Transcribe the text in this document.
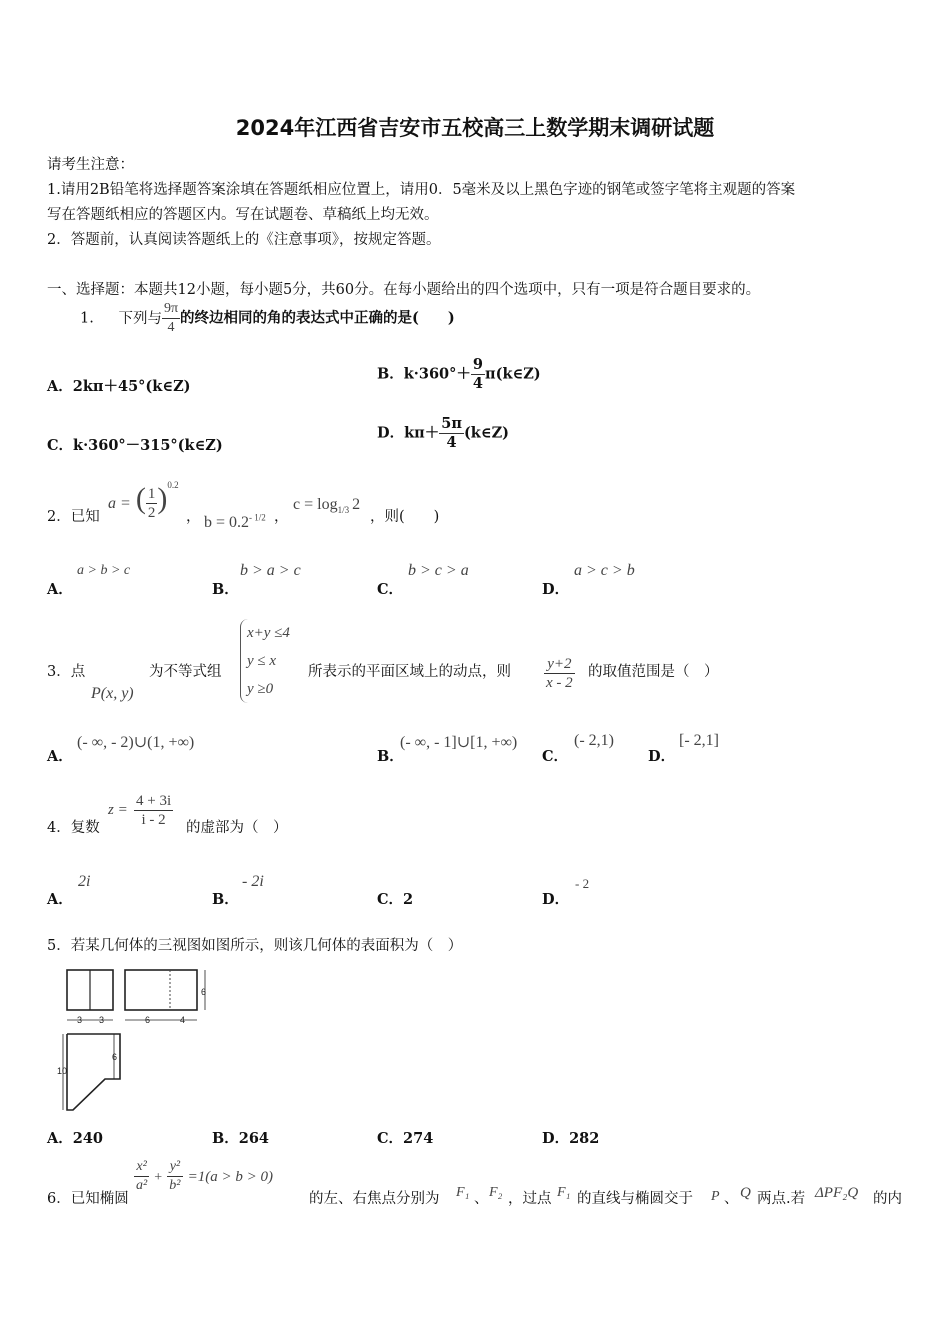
2024年江西省吉安市五校高三上数学期末调研试题
请考生注意：
1.请用2B铅笔将选择题答案涂填在答题纸相应位置上，请用0．5毫米及以上黑色字迹的钢笔或签字笔将主观题的答案
写在答题纸相应的答题区内。写在试题卷、草稿纸上均无效。
2．答题前，认真阅读答题纸上的《注意事项》，按规定答题。
一、选择题：本题共12小题，每小题5分，共60分。在每小题给出的四个选项中，只有一项是符合题目要求的。
1. 下列与 $\frac{9\pi}{4}$ 的终边相同的角的表达式中正确的是(　　)
A．2kπ＋45°(k∈Z)
B．$k\cdot 360^\circ+ \frac{9}{4}$ π(k∈Z)
C．k·360°－315°(k∈Z)
D．$k\pi+ \frac{5\pi}{4}$ (k∈Z)
2．已知
a = ( $\frac{1}{2} )^{0.2}$
， $b = 0.2^{- 1/2}$ ，
$c = \log_{1/3} 2$
，则(　　)
A．
a > b > c
B．
b > a > c
C．
b > c > a
D．
a > c > b
3．点
P(x, y)
为不等式组
x+y ≤4
y ≤ x
y ≥0
所表示的平面区域上的动点，则 $\frac{y+2}{x - 2}$ 的取值范围是（　）
A．
(- ∞, - 2)∪(1, +∞)
B．
(- ∞, - 1]∪[1, +∞)
C．
(- 2,1)
D．
[- 2,1]
4．复数
$z = \frac{4 + 3i}{i - 2}$ 的虚部为（　）
A．
2i
B．
- 2i
C．2	D．
- 2
5．若某几何体的三视图如图所示，则该几何体的表面积为（　）
3 3	6	4
6
10
6
A．240	B．264	C．274	D．282
6．已知椭圆
$\frac{\text{x²}}{\text{a²}} + \frac{\text{y²}}{\text{b²}} =1(a > b > 0)$
的左、右焦点分别为 F₁ 、 F₂ ，过点 F₁ 的直线与椭圆交于 P 、 Q 两点.若 ΔPF₂Q 的内
